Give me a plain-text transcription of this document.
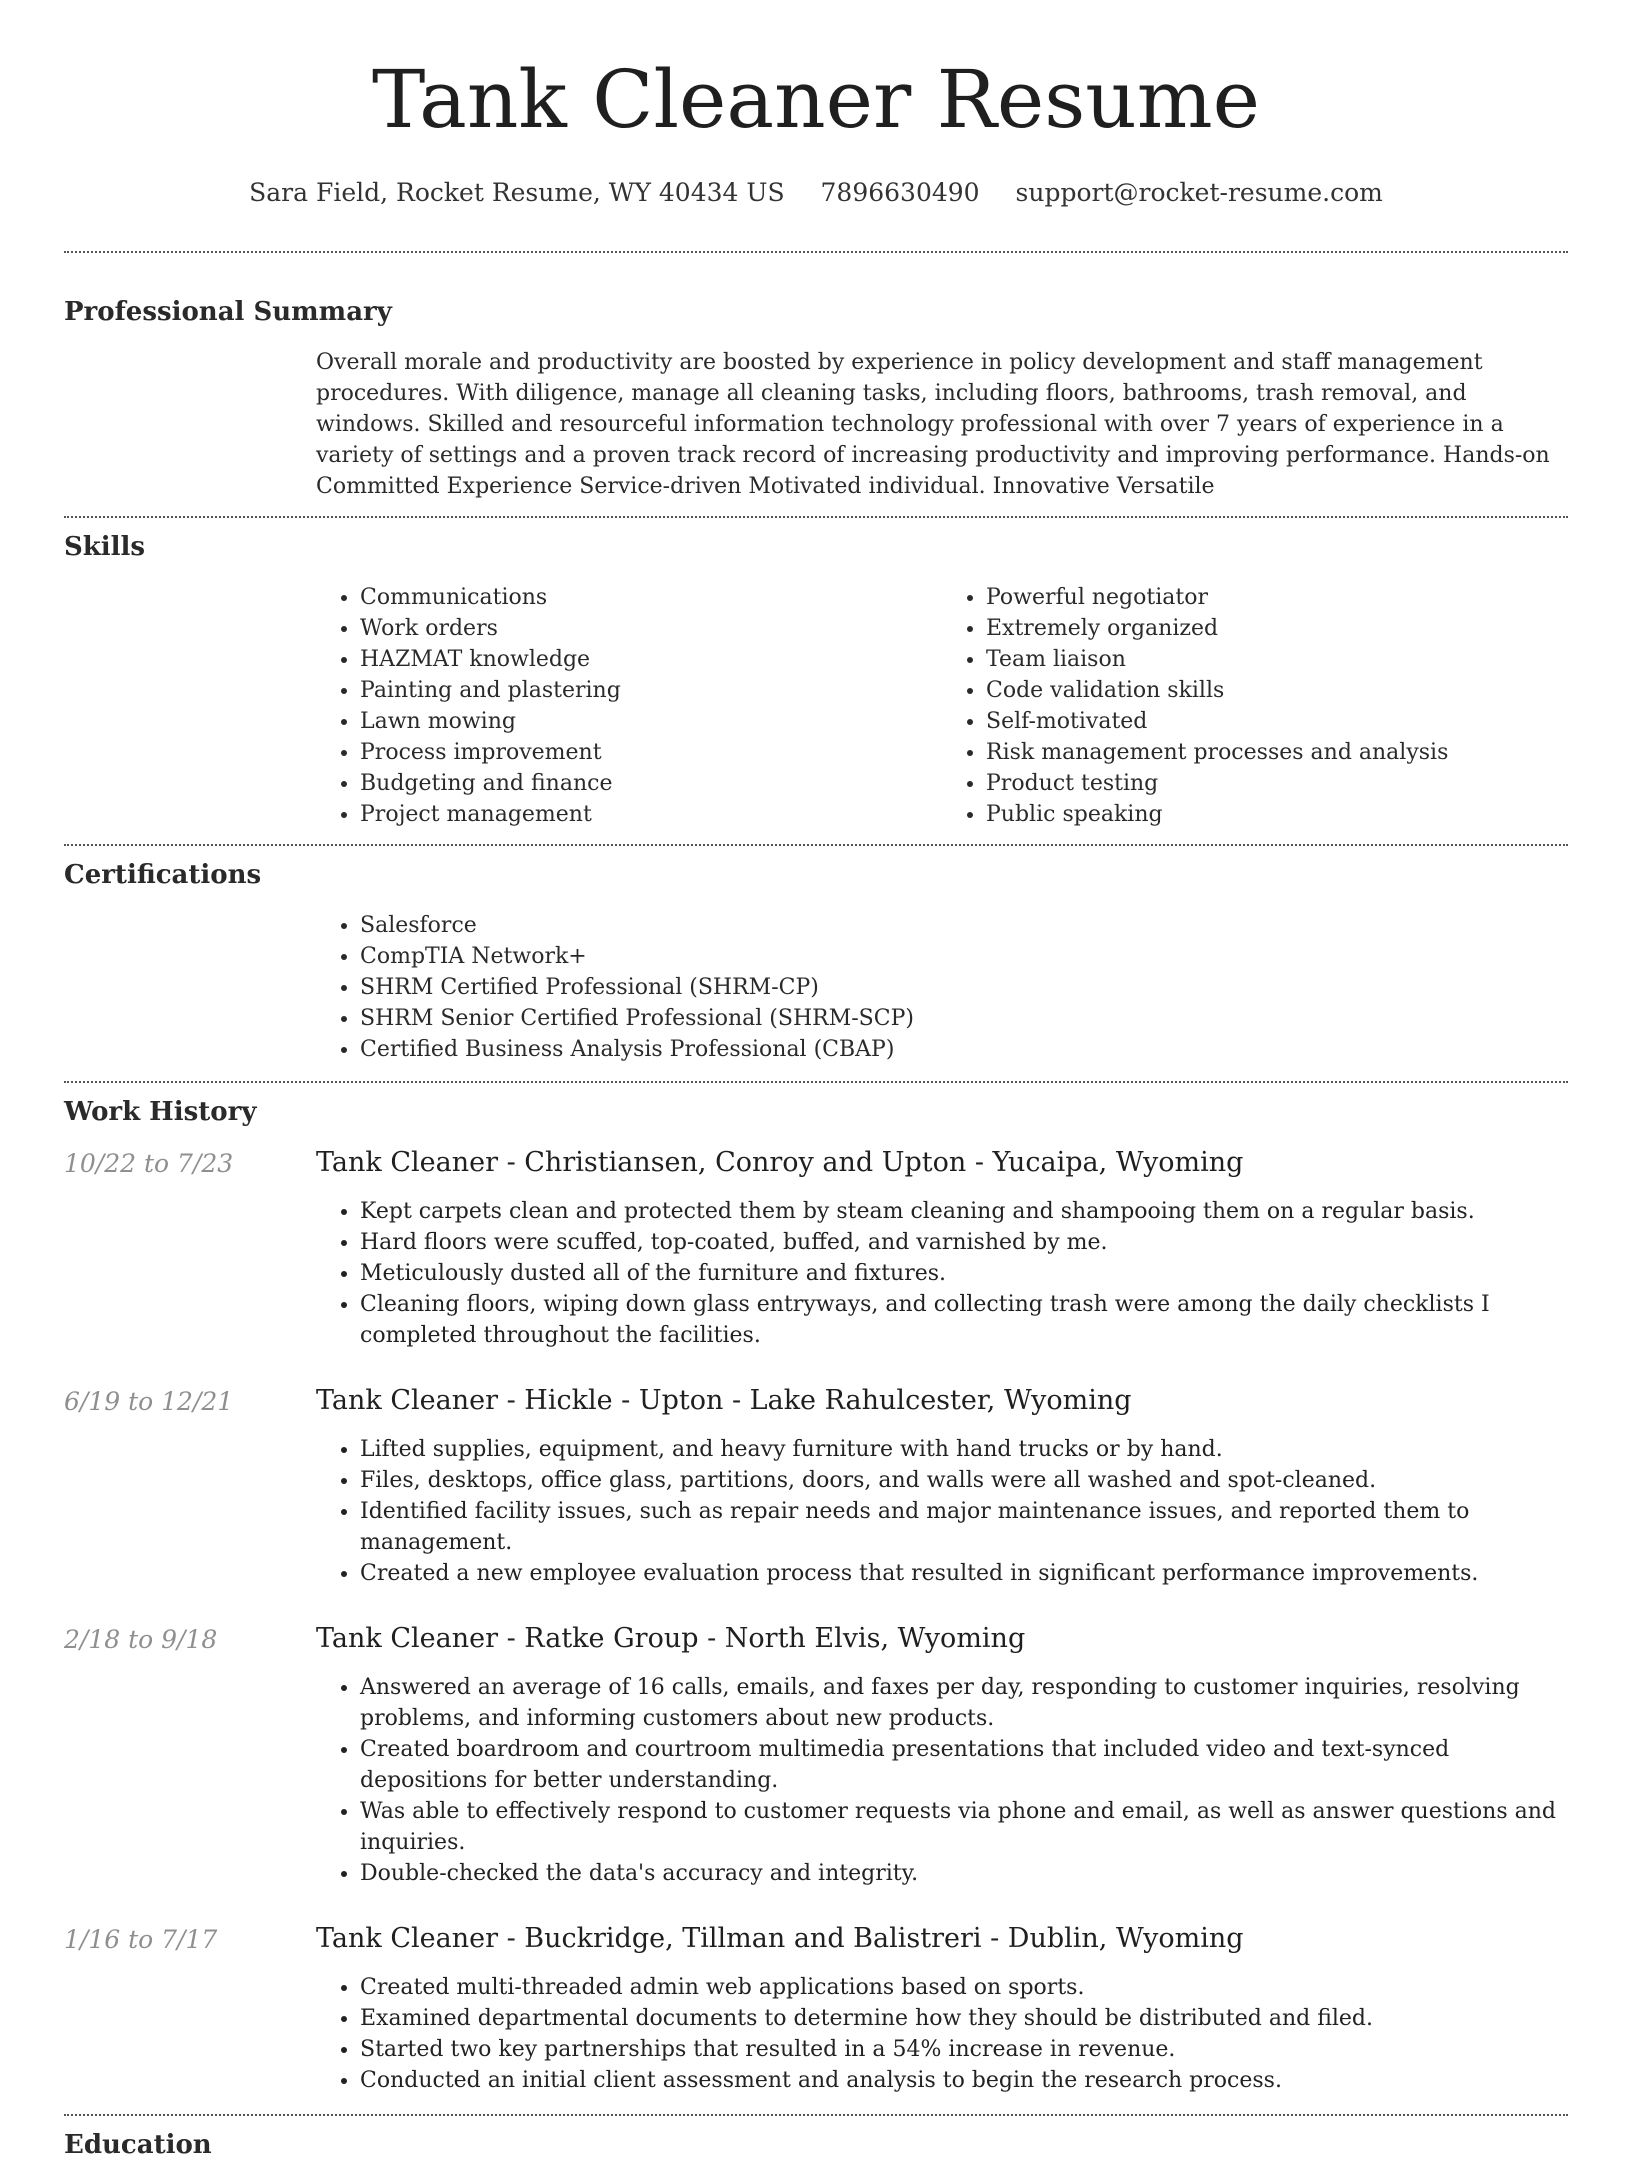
Tank Cleaner Resume
Sara Field, Rocket Resume, WY 40434 US 7896630490 support@rocket-resume.com
Professional Summary

Overall morale and productivity are boosted by experience in policy development and staff management procedures. With diligence, manage all cleaning tasks, including floors, bathrooms, trash removal, and windows. Skilled and resourceful information technology professional with over 7 years of experience in a variety of settings and a proven track record of increasing productivity and improving performance. Hands-on Committed Experience Service-driven Motivated individual. Innovative Versatile

Skills
• Communications
• Work orders
• HAZMAT knowledge
• Painting and plastering
• Lawn mowing
• Process improvement
• Budgeting and finance
• Project management
• Powerful negotiator
• Extremely organized
• Team liaison
• Code validation skills
• Self-motivated
• Risk management processes and analysis
• Product testing
• Public speaking
Certifications
• Salesforce
• CompTIA Network+
• SHRM Certified Professional (SHRM-CP)
• SHRM Senior Certified Professional (SHRM-SCP)
• Certified Business Analysis Professional (CBAP)
Work History
10/22 to 7/23	Tank Cleaner - Christiansen, Conroy and Upton - Yucaipa, Wyoming
• Kept carpets clean and protected them by steam cleaning and shampooing them on a regular basis.
• Hard floors were scuffed, top-coated, buffed, and varnished by me.
• Meticulously dusted all of the furniture and fixtures.
• Cleaning floors, wiping down glass entryways, and collecting trash were among the daily checklists I completed throughout the facilities.
6/19 to 12/21	Tank Cleaner - Hickle - Upton - Lake Rahulcester, Wyoming
• Lifted supplies, equipment, and heavy furniture with hand trucks or by hand.
• Files, desktops, office glass, partitions, doors, and walls were all washed and spot-cleaned.
• Identified facility issues, such as repair needs and major maintenance issues, and reported them to management.
• Created a new employee evaluation process that resulted in significant performance improvements.
2/18 to 9/18	Tank Cleaner - Ratke Group - North Elvis, Wyoming
• Answered an average of 16 calls, emails, and faxes per day, responding to customer inquiries, resolving problems, and informing customers about new products.
• Created boardroom and courtroom multimedia presentations that included video and text-synced depositions for better understanding.
• Was able to effectively respond to customer requests via phone and email, as well as answer questions and inquiries.
• Double-checked the data's accuracy and integrity.
1/16 to 7/17	Tank Cleaner - Buckridge, Tillman and Balistreri - Dublin, Wyoming
• Created multi-threaded admin web applications based on sports.
• Examined departmental documents to determine how they should be distributed and filed.
• Started two key partnerships that resulted in a 54% increase in revenue.
• Conducted an initial client assessment and analysis to begin the research process.
Education
